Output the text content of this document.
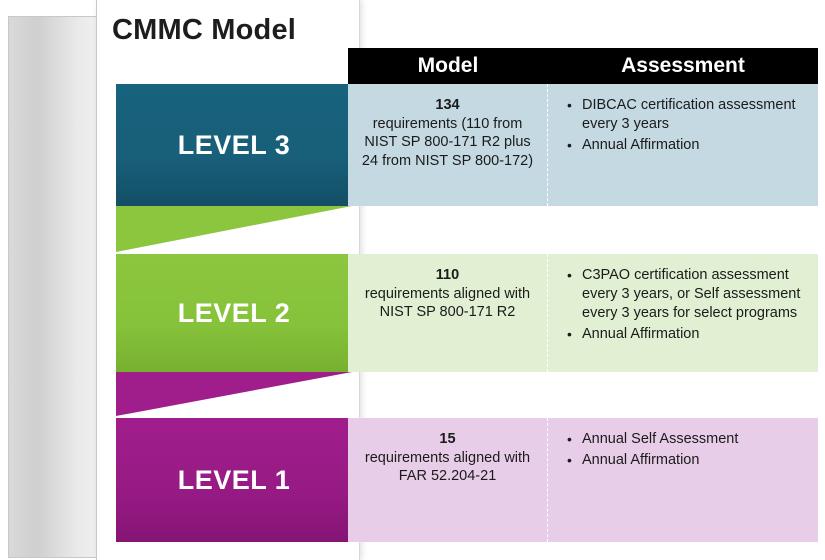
CMMC Model
Model	Assessment
LEVEL 3
134
requirements (110 from NIST SP 800-171 R2 plus 24 from NIST SP 800-172)
• DIBCAC certification assessment every 3 years
• Annual Affirmation
LEVEL 2
110
requirements aligned with NIST SP 800-171 R2
• C3PAO certification assessment every 3 years, or Self assessment every 3 years for select programs
• Annual Affirmation
LEVEL 1
15
requirements aligned with FAR 52.204-21
• Annual Self Assessment
• Annual Affirmation
